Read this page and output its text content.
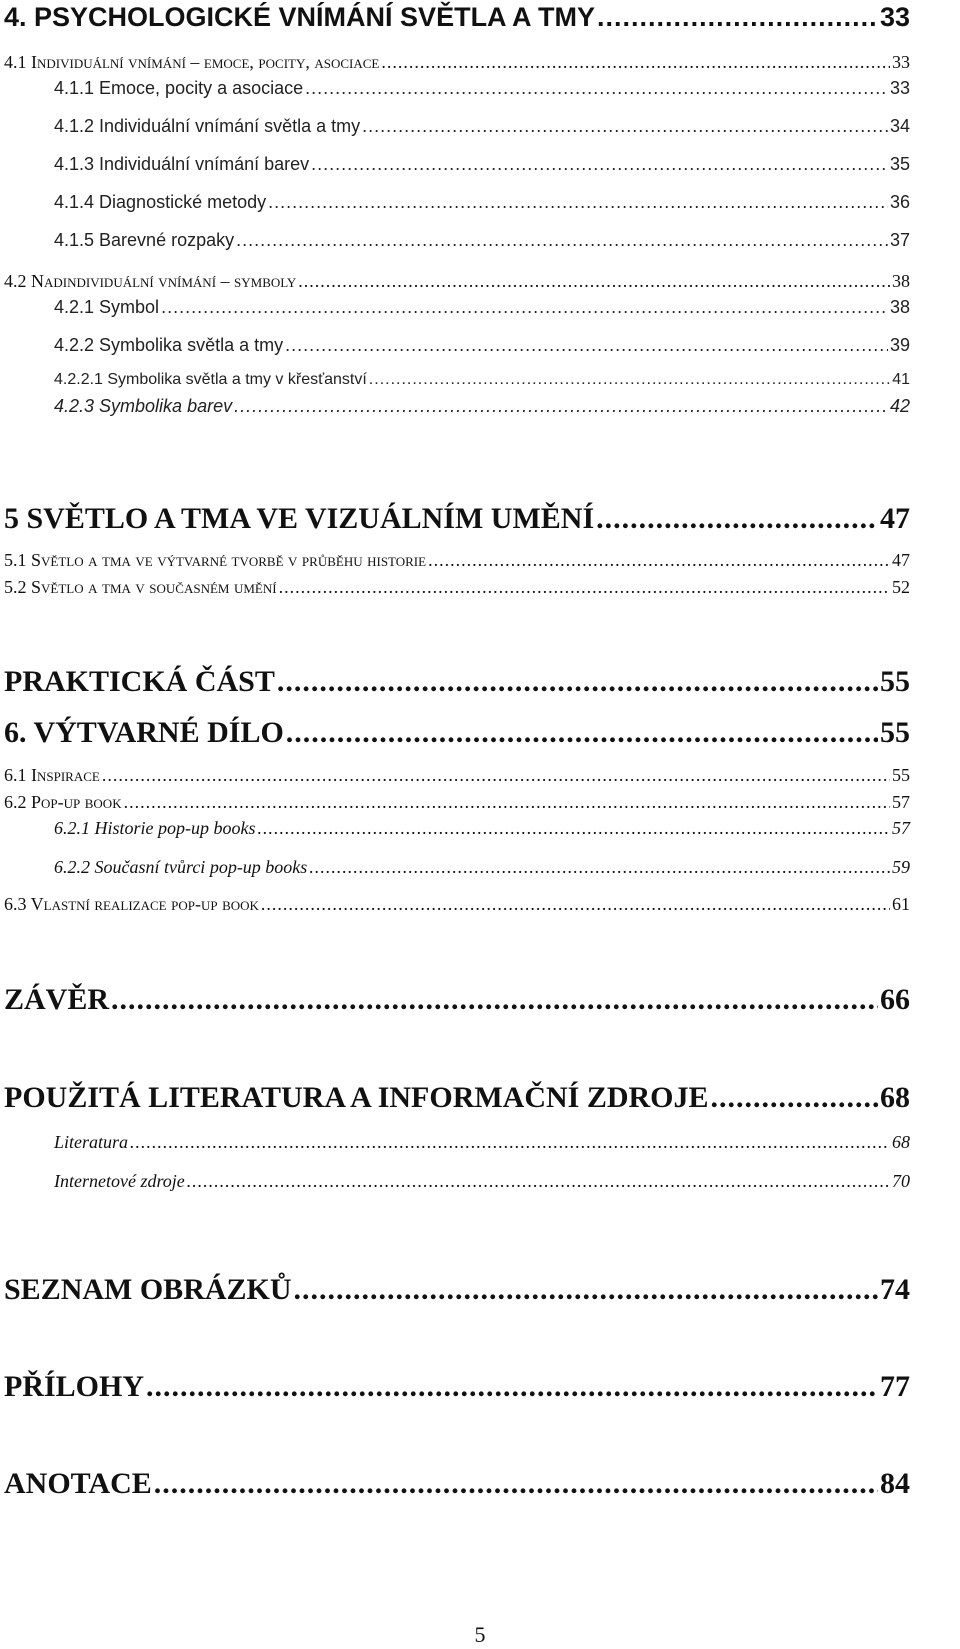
4. PSYCHOLOGICKÉ VNÍMÁNÍ SVĚTLA A TMY .....	33
4.1 Individuální vnímání – emoce, pocity, asociace .....	33
4.1.1 Emoce, pocity a asociace .....	33
4.1.2 Individuální vnímání světla a tmy .....	34
4.1.3 Individuální vnímání barev .....	35
4.1.4 Diagnostické metody .....	36
4.1.5 Barevné rozpaky .....	37
4.2 Nadindividuální vnímání – symboly .....	38
4.2.1 Symbol .....	38
4.2.2 Symbolika světla a tmy .....	39
4.2.2.1 Symbolika světla a tmy v křesťanství .....	41
4.2.3 Symbolika barev .....	42
5 SVĚTLO A TMA VE VIZUÁLNÍM UMĚNÍ .....	47
5.1 Světlo a tma ve výtvarné tvorbě v průběhu historie .....	47
5.2 Světlo a tma v současném umění .....	52
PRAKTICKÁ ČÁST .....	55
6. VÝTVARNÉ DÍLO .....	55
6.1 Inspirace .....	55
6.2 Pop-up book .....	57
6.2.1 Historie pop-up books .....	57
6.2.2 Současní tvůrci pop-up books .....	59
6.3 Vlastní realizace pop-up book .....	61
ZÁVĚR .....	66
POUŽITÁ LITERATURA A INFORMAČNÍ ZDROJE .....	68
Literatura .....	68
Internetové zdroje .....	70
SEZNAM OBRÁZKŮ .....	74
PŘÍLOHY .....	77
ANOTACE .....	84
5
